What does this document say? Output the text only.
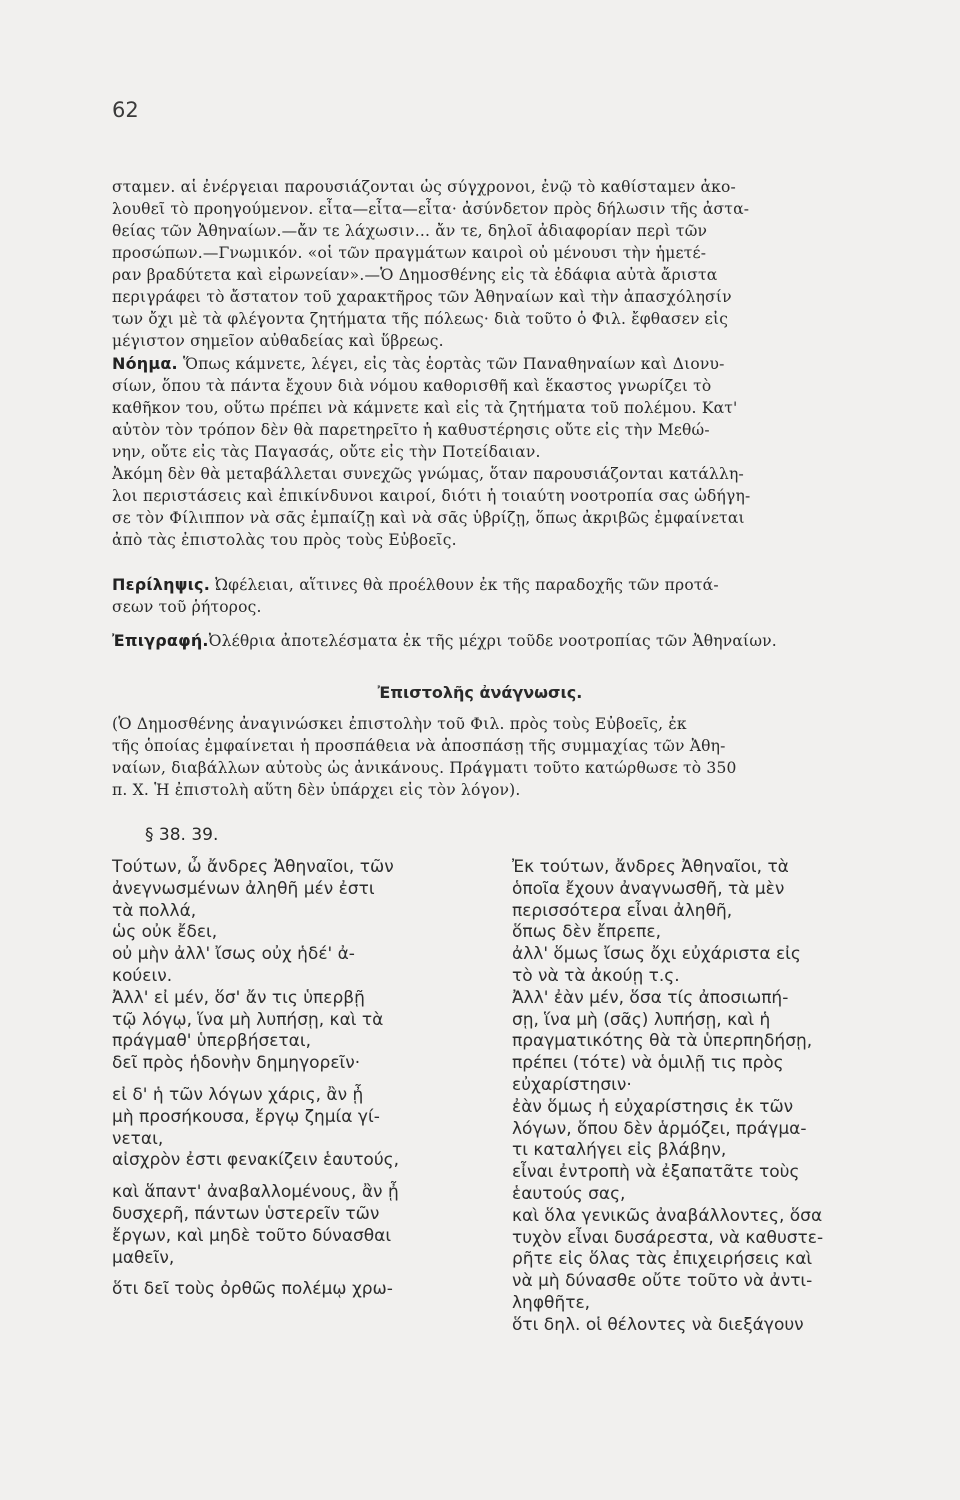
62
σταμεν. αἱ ἐνέργειαι παρουσιάζονται ὡς σύγχρονοι, ἐνῷ τὸ καθίσταμεν ἀκο-
λουθεῖ τὸ προηγούμενον. εἶτα—εἶτα—εἶτα· ἀσύνδετον πρὸς δήλωσιν τῆς ἀστα-
θείας τῶν Ἀθηναίων.—ἄν τε λάχωσιν... ἄν τε, δηλοῖ ἀδιαφορίαν περὶ τῶν
προσώπων.—Γνωμικόν. «οἱ τῶν πραγμάτων καιροὶ οὐ μένουσι τὴν ἡμετέ-
ραν βραδύτετα καὶ εἰρωνείαν».—Ὁ Δημοσθένης εἰς τὰ ἐδάφια αὐτὰ ἄριστα
περιγράφει τὸ ἄστατον τοῦ χαρακτῆρος τῶν Ἀθηναίων καὶ τὴν ἀπασχόλησίν
των ὄχι μὲ τὰ φλέγοντα ζητήματα τῆς πόλεως· διὰ τοῦτο ὁ Φιλ. ἔφθασεν εἰς
μέγιστον σημεῖον αὐθαδείας καὶ ὕβρεως.
Νόημα. Ὅπως κάμνετε, λέγει, εἰς τὰς ἑορτὰς τῶν Παναθηναίων καὶ Διονυ-
σίων, ὅπου τὰ πάντα ἔχουν διὰ νόμου καθορισθῆ καὶ ἕκαστος γνωρίζει τὸ
καθῆκον του, οὕτω πρέπει νὰ κάμνετε καὶ εἰς τὰ ζητήματα τοῦ πολέμου. Κατ'
αὐτὸν τὸν τρόπον δὲν θὰ παρετηρεῖτο ἡ καθυστέρησις οὔτε εἰς τὴν Μεθώ-
νην, οὔτε εἰς τὰς Παγασάς, οὔτε εἰς τὴν Ποτείδαιαν.
Ἀκόμη δὲν θὰ μεταβάλλεται συνεχῶς γνώμας, ὅταν παρουσιάζονται κατάλλη-
λοι περιστάσεις καὶ ἐπικίνδυνοι καιροί, διότι ἡ τοιαύτη νοοτροπία σας ὡδήγη-
σε τὸν Φίλιππον νὰ σᾶς ἐμπαίζῃ καὶ νὰ σᾶς ὑβρίζῃ, ὅπως ἀκριβῶς ἐμφαίνεται
ἀπὸ τὰς ἐπιστολὰς του πρὸς τοὺς Εὐβοεῖς.
Περίληψις. Ὠφέλειαι, αἵτινες θὰ προέλθουν ἐκ τῆς παραδοχῆς τῶν προτά-
σεων τοῦ ῥήτορος.
Ἐπιγραφή.Ὀλέθρια ἀποτελέσματα ἐκ τῆς μέχρι τοῦδε νοοτροπίας τῶν Ἀθηναίων.
Ἐπιστολῆς ἀνάγνωσις.
(Ὁ Δημοσθένης ἀναγινώσκει ἐπιστολὴν τοῦ Φιλ. πρὸς τοὺς Εὐβοεῖς, ἐκ
τῆς ὁποίας ἐμφαίνεται ἡ προσπάθεια νὰ ἀποσπάσῃ τῆς συμμαχίας τῶν Ἀθη-
ναίων, διαβάλλων αὐτοὺς ὡς ἀνικάνους. Πράγματι τοῦτο κατώρθωσε τὸ 350
π. Χ. Ἡ ἐπιστολὴ αὕτη δὲν ὑπάρχει εἰς τὸν λόγον).
§ 38. 39.
Τούτων, ὦ ἄνδρες Ἀθηναῖοι, τῶν
ἀνεγνωσμένων ἀληθῆ μέν ἐστι
τὰ πολλά,
ὡς οὐκ ἔδει,
οὐ μὴν ἀλλ' ἴσως οὐχ ἡδέ' ἀ-
κούειν.
Ἀλλ' εἰ μέν, ὅσ' ἄν τις ὑπερβῇ
τῷ λόγῳ, ἵνα μὴ λυπήσῃ, καὶ τὰ
πράγμαθ' ὑπερβήσεται,
δεῖ πρὸς ἡδονὴν δημηγορεῖν·
εἰ δ' ἡ τῶν λόγων χάρις, ἂν ᾖ
μὴ προσήκουσα, ἔργῳ ζημία γί-
νεται,
αἰσχρὸν ἐστι φενακίζειν ἑαυτούς,
καὶ ἅπαντ' ἀναβαλλομένους, ἂν ᾖ
δυσχερῆ, πάντων ὑστερεῖν τῶν
ἔργων, καὶ μηδὲ τοῦτο δύνασθαι
μαθεῖν,
ὅτι δεῖ τοὺς ὀρθῶς πολέμῳ χρω-
Ἐκ τούτων, ἄνδρες Ἀθηναῖοι, τὰ
ὁποῖα ἔχουν ἀναγνωσθῆ, τὰ μὲν
περισσότερα εἶναι ἀληθῆ,
ὅπως δὲν ἔπρεπε,
ἀλλ' ὅμως ἴσως ὄχι εὐχάριστα εἰς
τὸ νὰ τὰ ἀκούῃ τ.ς.
Ἀλλ' ἐὰν μέν, ὅσα τίς ἀποσιωπή-
σῃ, ἵνα μὴ (σᾶς) λυπήσῃ, καὶ ἡ
πραγματικότης θὰ τὰ ὑπερπηδήσῃ,
πρέπει (τότε) νὰ ὁμιλῇ τις πρὸς
εὐχαρίστησιν·
ἐὰν ὅμως ἡ εὐχαρίστησις ἐκ τῶν
λόγων, ὅπου δὲν ἁρμόζει, πράγμα-
τι καταλήγει εἰς βλάβην,
εἶναι ἐντροπὴ νὰ ἐξαπατᾶτε τοὺς
ἑαυτούς σας,
καὶ ὅλα γενικῶς ἀναβάλλοντες, ὅσα
τυχὸν εἶναι δυσάρεστα, νὰ καθυστε-
ρῆτε εἰς ὅλας τὰς ἐπιχειρήσεις καὶ
νὰ μὴ δύνασθε οὔτε τοῦτο νὰ ἀντι-
ληφθῆτε,
ὅτι δηλ. οἱ θέλοντες νὰ διεξάγουν
